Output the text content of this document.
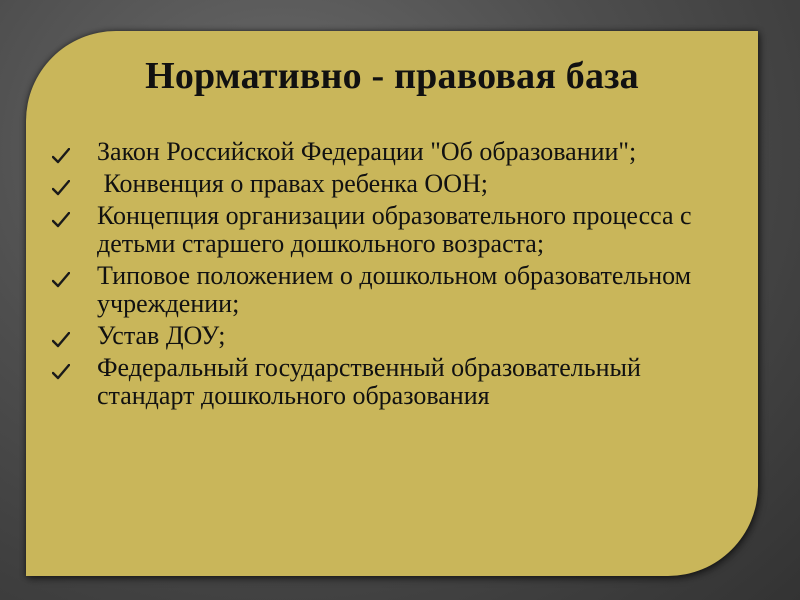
Нормативно - правовая база
Закон Российской Федерации "Об образовании";
Конвенция о правах ребенка ООН;
Концепция организации образовательного процесса с детьми старшего дошкольного возраста;
Типовое положением о дошкольном образовательном учреждении;
Устав ДОУ;
Федеральный государственный образовательный стандарт дошкольного образования
